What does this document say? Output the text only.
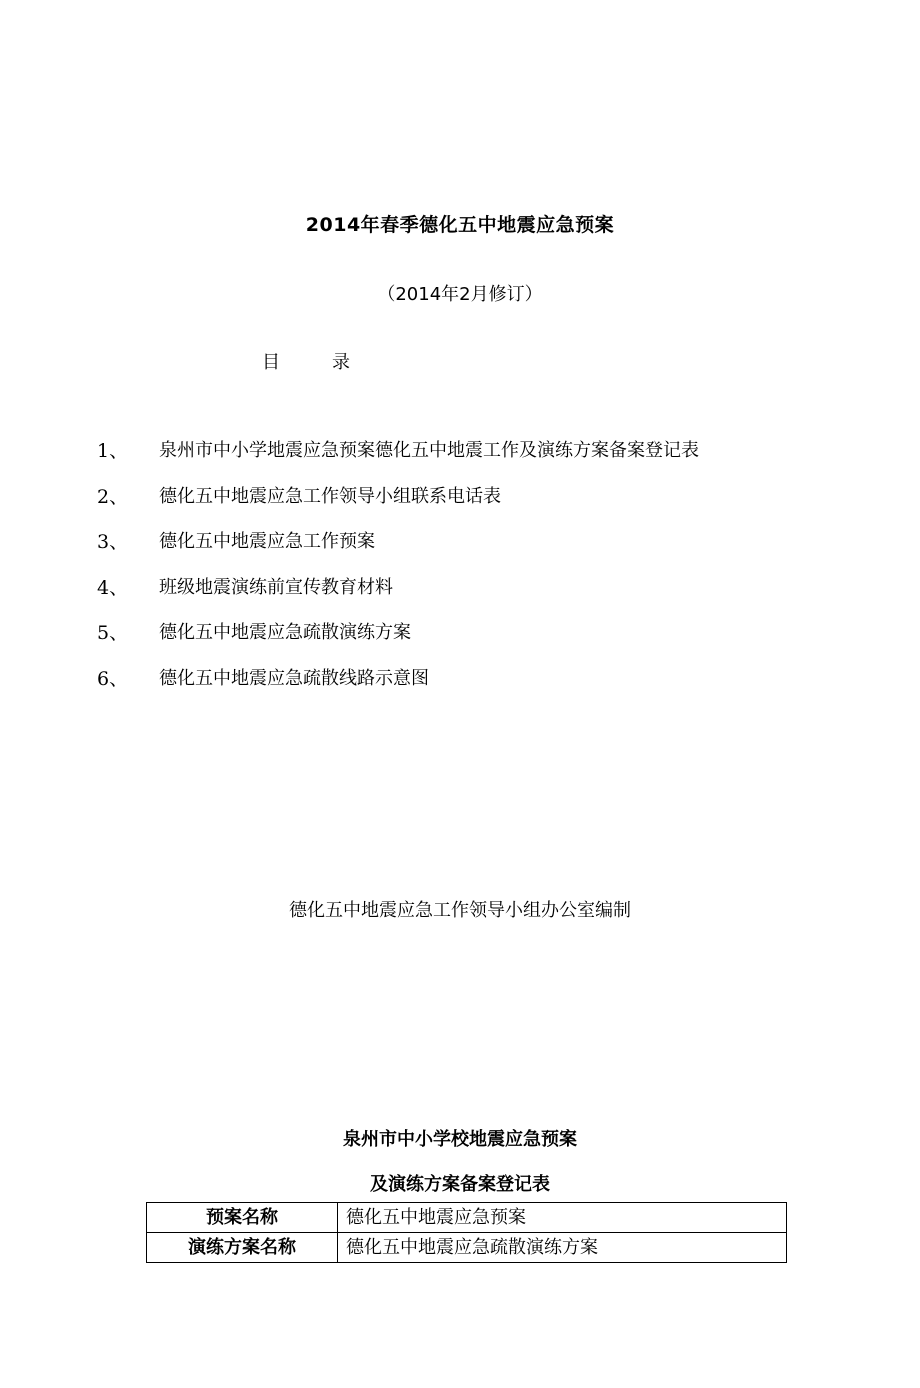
2014年春季德化五中地震应急预案
（2014年2月修订）
目	录
1、	泉州市中小学地震应急预案德化五中地震工作及演练方案备案登记表
2、	德化五中地震应急工作领导小组联系电话表
3、	德化五中地震应急工作预案
4、	班级地震演练前宣传教育材料
5、	德化五中地震应急疏散演练方案
6、	德化五中地震应急疏散线路示意图
德化五中地震应急工作领导小组办公室编制
泉州市中小学校地震应急预案
及演练方案备案登记表
预案名称	德化五中地震应急预案
演练方案名称	德化五中地震应急疏散演练方案
